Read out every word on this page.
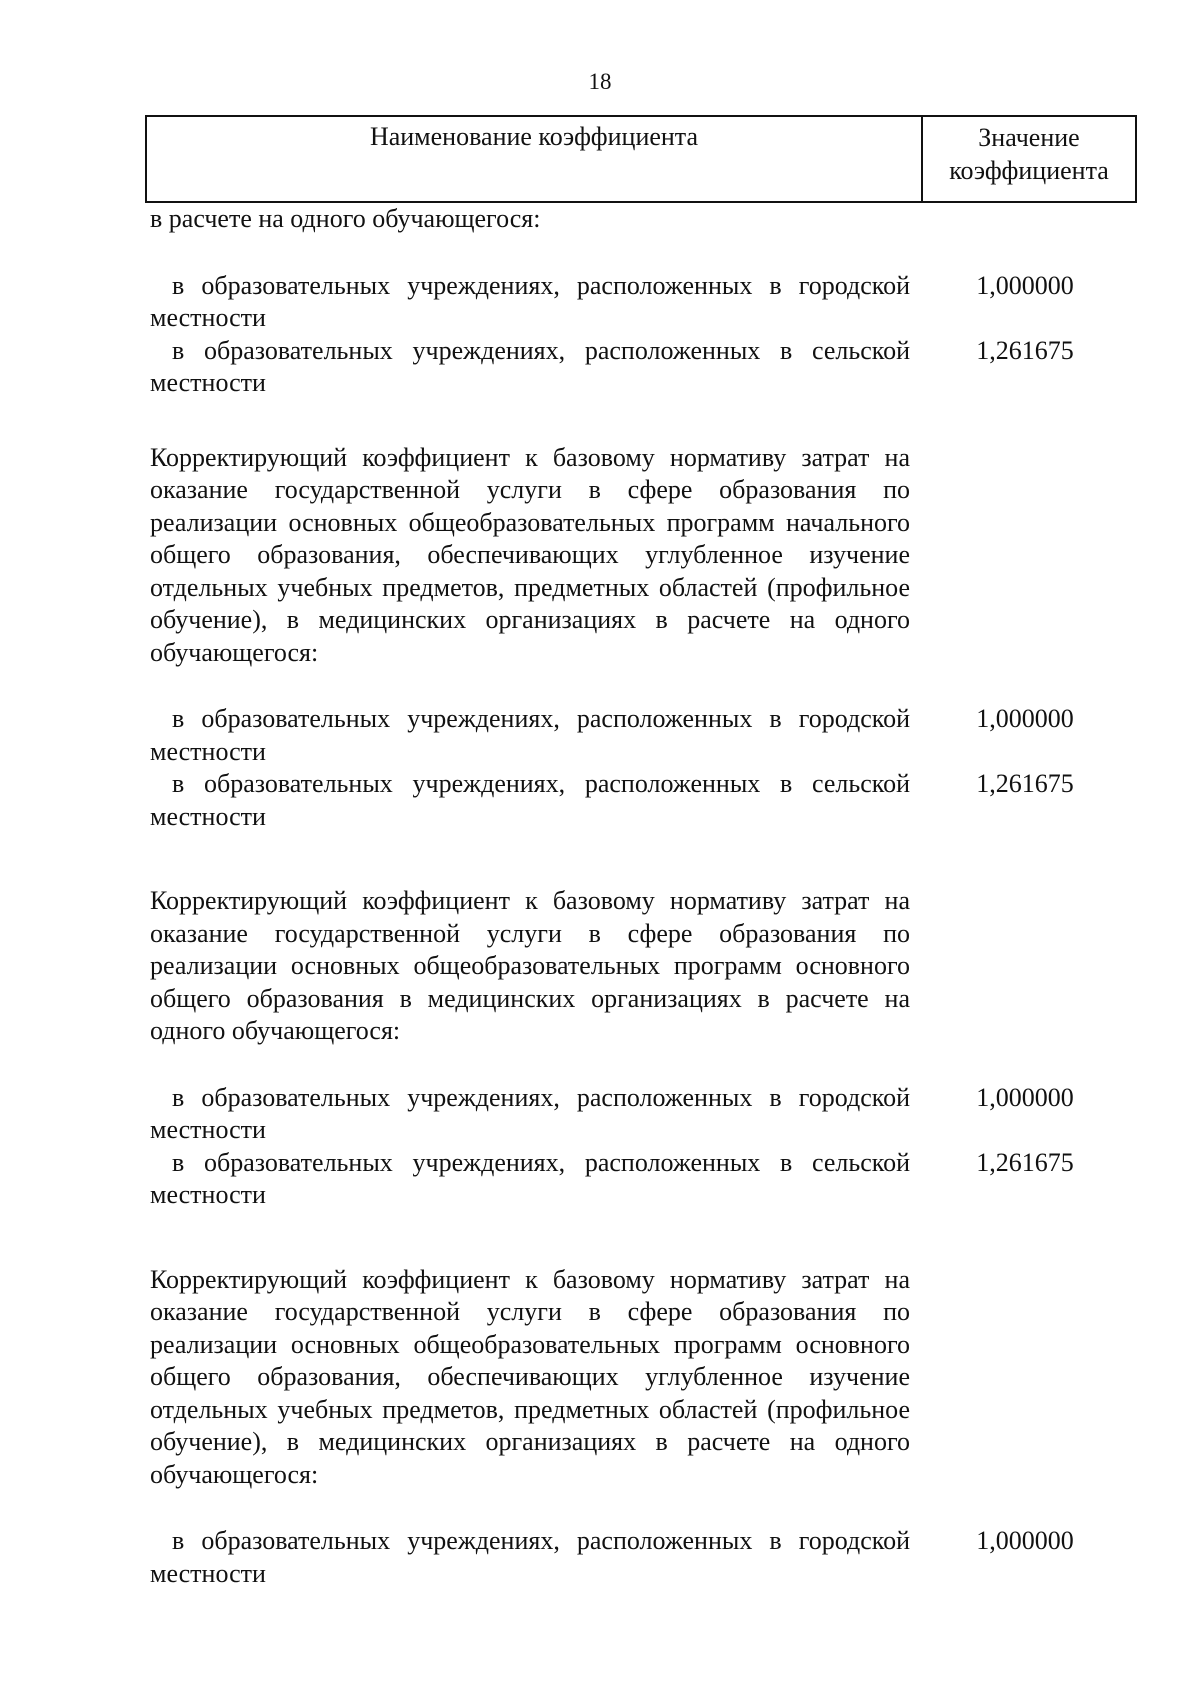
18
Наименование коэффициента	Значение
коэффициента
в расчете на одного обучающегося:
в образовательных учреждениях, расположенных в городской местности
1,000000
в образовательных учреждениях, расположенных в сельской местности
1,261675
Корректирующий коэффициент к базовому нормативу затрат на оказание государственной услуги в сфере образования по реализации основных общеобразовательных программ начального общего образования, обеспечивающих углубленное изучение отдельных учебных предметов, предметных областей (профильное обучение), в медицинских организациях в расчете на одного обучающегося:
в образовательных учреждениях, расположенных в городской местности
1,000000
в образовательных учреждениях, расположенных в сельской местности
1,261675
Корректирующий коэффициент к базовому нормативу затрат на оказание государственной услуги в сфере образования по реализации основных общеобразовательных программ основного общего образования в медицинских организациях в расчете на одного обучающегося:
в образовательных учреждениях, расположенных в городской местности
1,000000
в образовательных учреждениях, расположенных в сельской местности
1,261675
Корректирующий коэффициент к базовому нормативу затрат на оказание государственной услуги в сфере образования по реализации основных общеобразовательных программ основного общего образования, обеспечивающих углубленное изучение отдельных учебных предметов, предметных областей (профильное обучение), в медицинских организациях в расчете на одного обучающегося:
в образовательных учреждениях, расположенных в городской местности
1,000000
